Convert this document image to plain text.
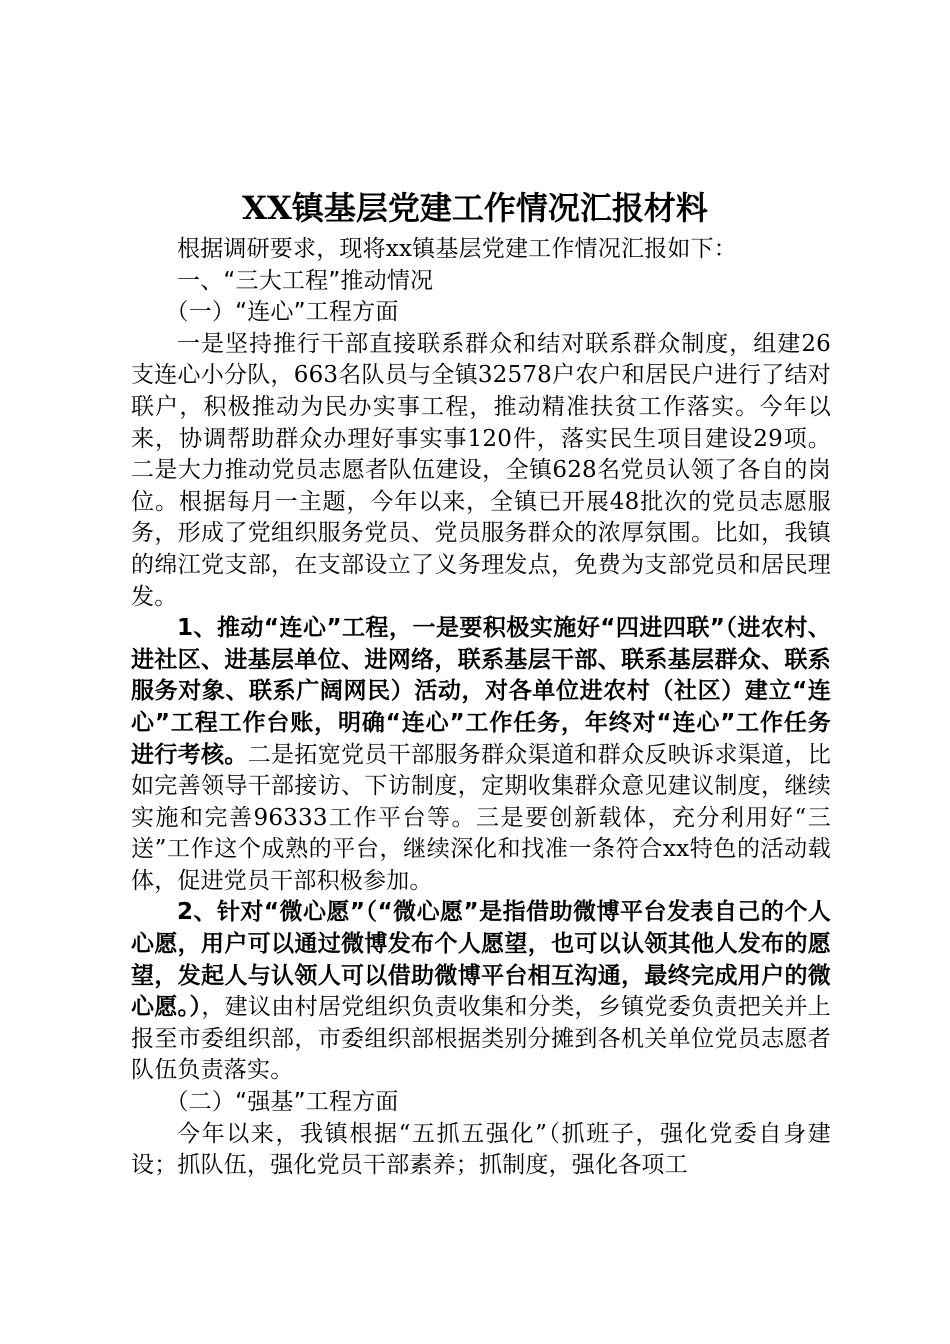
XX镇基层党建工作情况汇报材料

根据调研要求，现将xx镇基层党建工作情况汇报如下：

一、“三大工程”推动情况

（一）“连心”工程方面

一是坚持推行干部直接联系群众和结对联系群众制度，组建26支连心小分队，663名队员与全镇32578户农户和居民户进行了结对联户，积极推动为民办实事工程，推动精准扶贫工作落实。今年以来，协调帮助群众办理好事实事120件，落实民生项目建设29项。二是大力推动党员志愿者队伍建设，全镇628名党员认领了各自的岗位。根据每月一主题，今年以来，全镇已开展48批次的党员志愿服务，形成了党组织服务党员、党员服务群众的浓厚氛围。比如，我镇的绵江党支部，在支部设立了义务理发点，免费为支部党员和居民理发。

1、推动“连心”工程，一是要积极实施好“四进四联”（进农村、进社区、进基层单位、进网络，联系基层干部、联系基层群众、联系服务对象、联系广阔网民）活动，对各单位进农村（社区）建立“连心”工程工作台账，明确“连心”工作任务，年终对“连心”工作任务进行考核。二是拓宽党员干部服务群众渠道和群众反映诉求渠道，比如完善领导干部接访、下访制度，定期收集群众意见建议制度，继续实施和完善96333工作平台等。三是要创新载体，充分利用好“三送”工作这个成熟的平台，继续深化和找准一条符合xx特色的活动载体，促进党员干部积极参加。

2、针对“微心愿”（“微心愿”是指借助微博平台发表自己的个人心愿，用户可以通过微博发布个人愿望，也可以认领其他人发布的愿望，发起人与认领人可以借助微博平台相互沟通，最终完成用户的微心愿。），建议由村居党组织负责收集和分类，乡镇党委负责把关并上报至市委组织部，市委组织部根据类别分摊到各机关单位党员志愿者队伍负责落实。

（二）“强基”工程方面

今年以来，我镇根据“五抓五强化”（抓班子，强化党委自身建设；抓队伍，强化党员干部素养；抓制度，强化各项工
